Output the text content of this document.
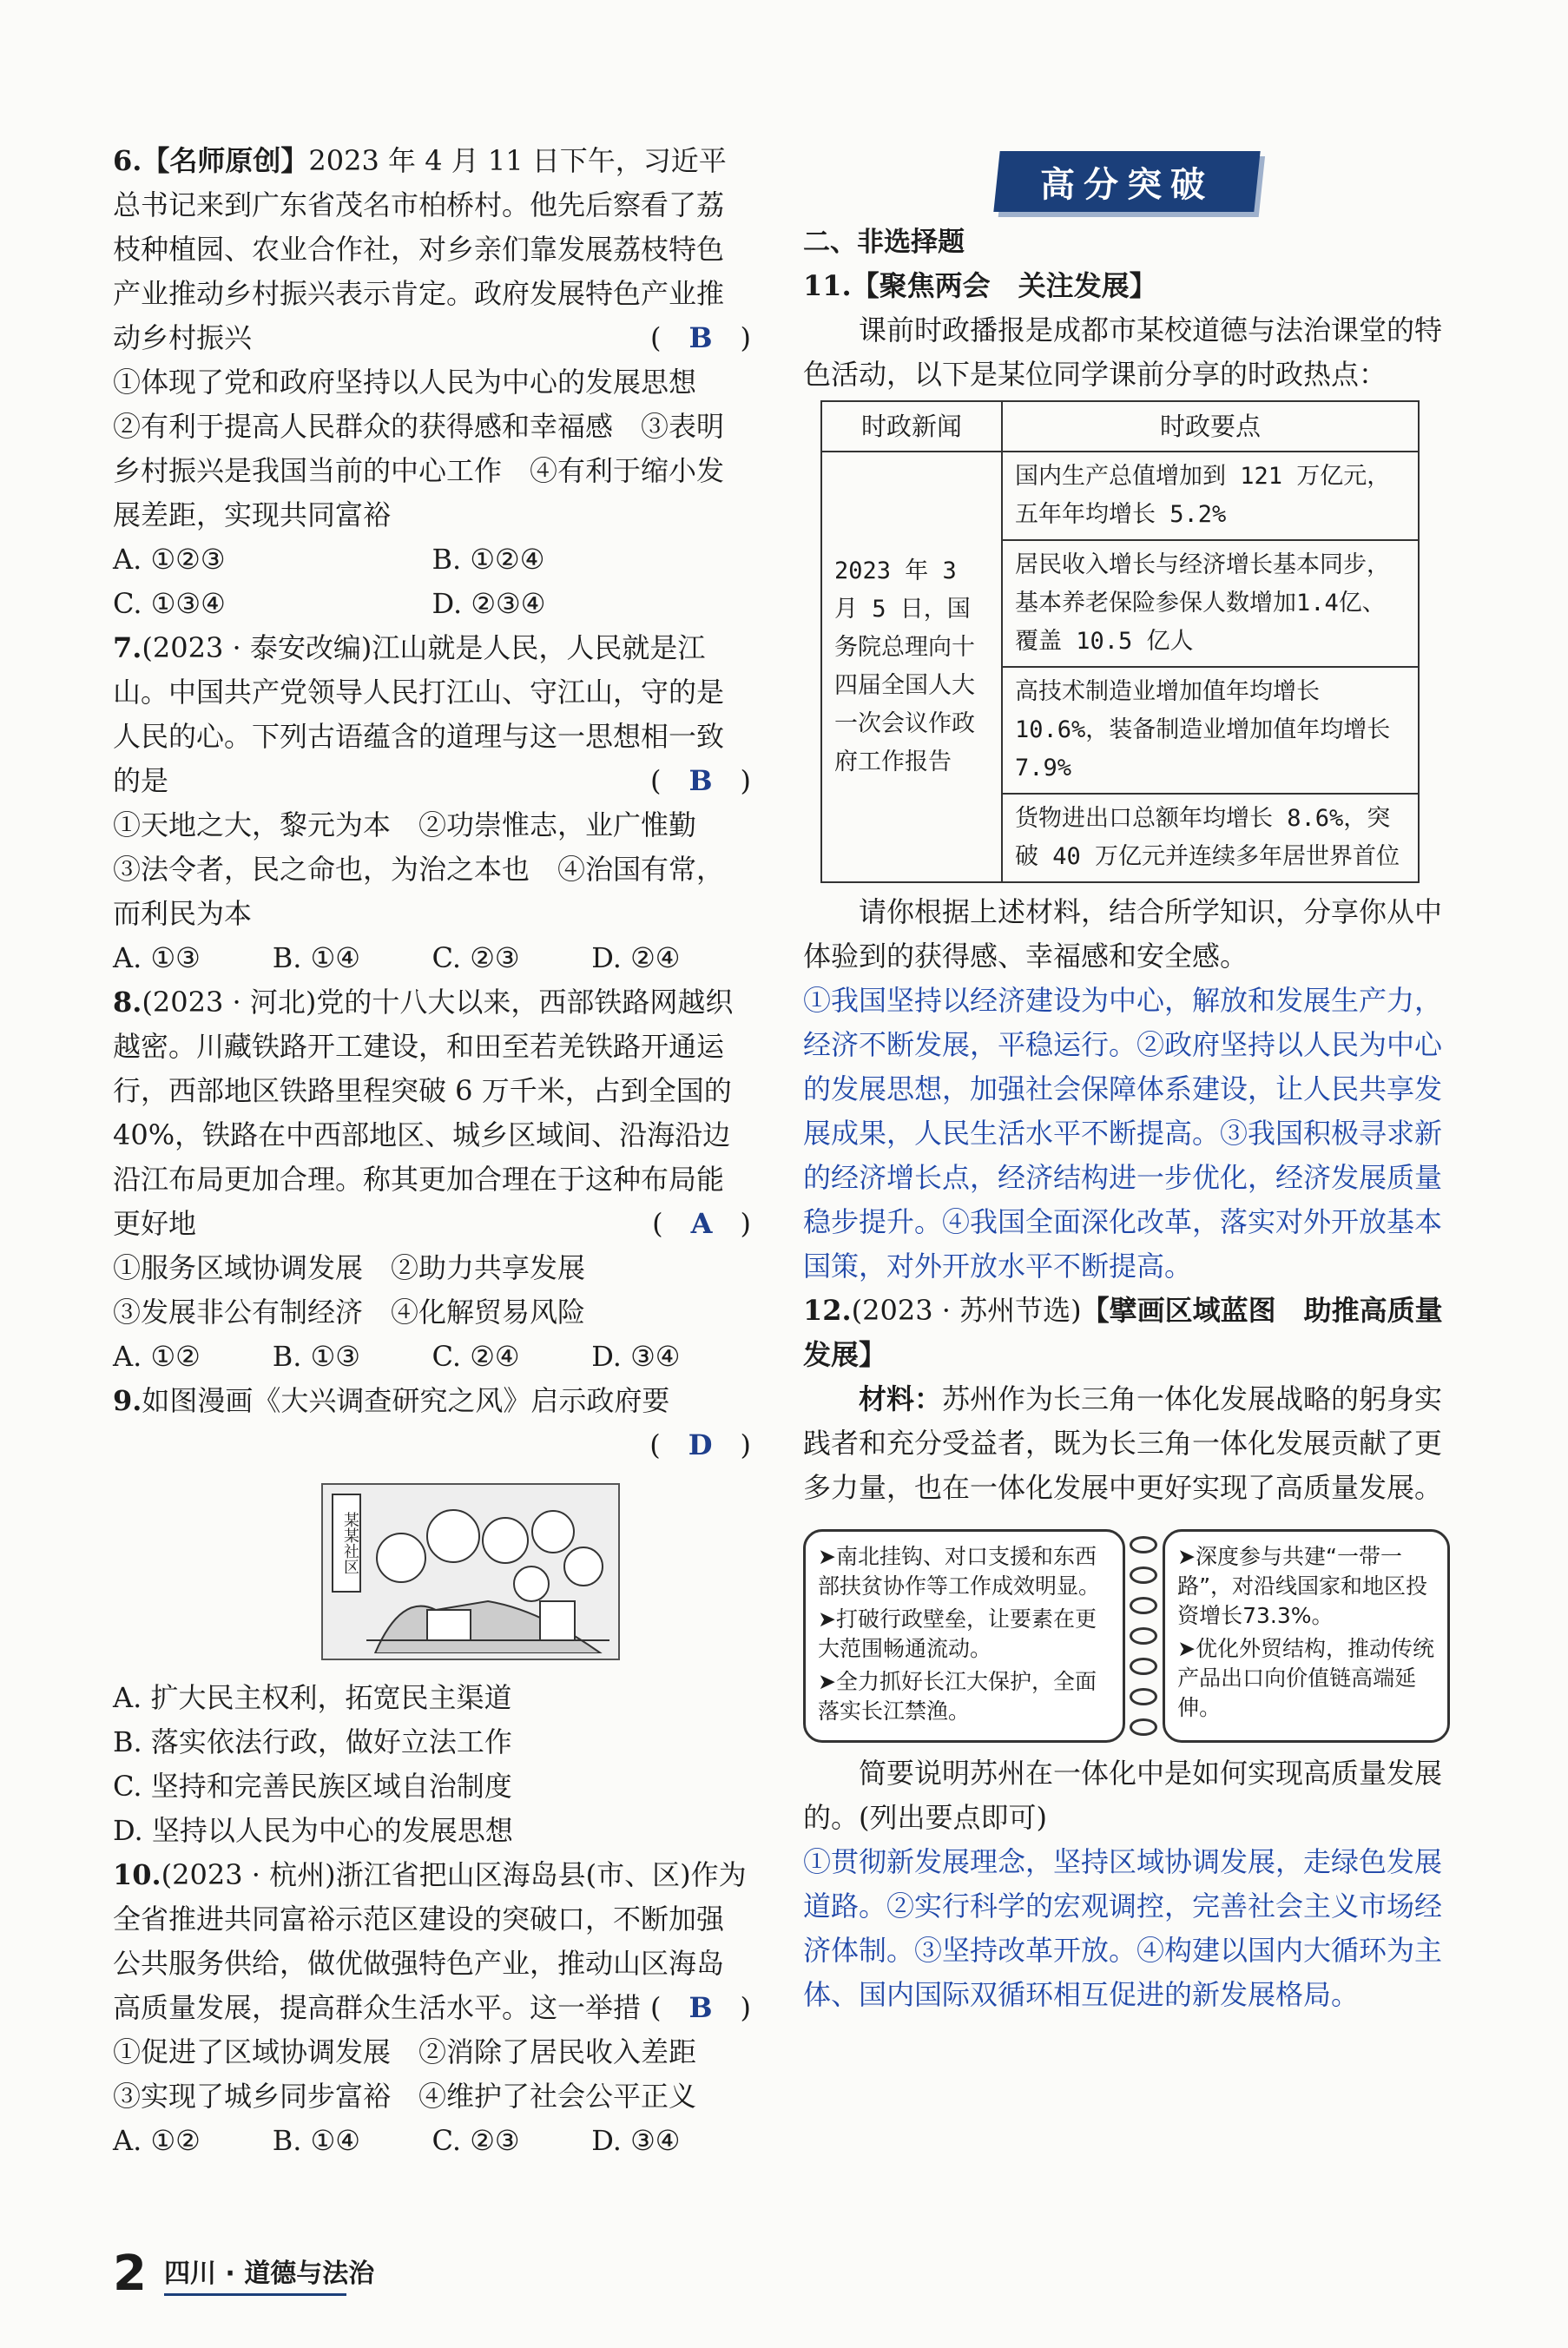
6.【名师原创】2023 年 4 月 11 日下午，习近平总书记来到广东省茂名市柏桥村。他先后察看了荔枝种植园、农业合作社，对乡亲们靠发展荔枝特色产业推动乡村振兴表示肯定。政府发展特色产业推动乡村振兴	(　B　)

①体现了党和政府坚持以人民为中心的发展思想　②有利于提高人民群众的获得感和幸福感　③表明乡村振兴是我国当前的中心工作　④有利于缩小发展差距，实现共同富裕

A. ①②③	B. ①②④
C. ①③④	D. ②③④

7.(2023 · 泰安改编)江山就是人民，人民就是江山。中国共产党领导人民打江山、守江山，守的是人民的心。下列古语蕴含的道理与这一思想相一致的是	(　B　)

①天地之大，黎元为本　②功崇惟志，业广惟勤　③法令者，民之命也，为治之本也　④治国有常，而利民为本

A. ①③	B. ①④	C. ②③	D. ②④

8.(2023 · 河北)党的十八大以来，西部铁路网越织越密。川藏铁路开工建设，和田至若羌铁路开通运行，西部地区铁路里程突破 6 万千米，占到全国的 40%，铁路在中西部地区、城乡区域间、沿海沿边沿江布局更加合理。称其更加合理在于这种布局能更好地	(　A　)

①服务区域协调发展　②助力共享发展

③发展非公有制经济　④化解贸易风险

A. ①②	B. ①③	C. ②④	D. ③④

9.如图漫画《大兴调查研究之风》启示政府要

(　D　)

某某社区

A. 扩大民主权利，拓宽民主渠道

B. 落实依法行政，做好立法工作

C. 坚持和完善民族区域自治制度

D. 坚持以人民为中心的发展思想

10.(2023 · 杭州)浙江省把山区海岛县(市、区)作为全省推进共同富裕示范区建设的突破口，不断加强公共服务供给，做优做强特色产业，推动山区海岛高质量发展，提高群众生活水平。这一举措 (　B　)

①促进了区域协调发展　②消除了居民收入差距　③实现了城乡同步富裕　④维护了社会公平正义

A. ①②	B. ①④	C. ②③	D. ③④
高分突破
二、非选择题

11.【聚焦两会　关注发展】

课前时政播报是成都市某校道德与法治课堂的特色活动，以下是某位同学课前分享的时政热点：

时政新闻	时政要点
2023 年 3 月 5 日，国务院总理向十四届全国人大一次会议作政府工作报告	国内生产总值增加到 121 万亿元，五年年均增长 5.2%
	居民收入增长与经济增长基本同步，基本养老保险参保人数增加1.4亿、覆盖 10.5 亿人
	高技术制造业增加值年均增长10.6%，装备制造业增加值年均增长 7.9%
	货物进出口总额年均增长 8.6%，突破 40 万亿元并连续多年居世界首位

请你根据上述材料，结合所学知识，分享你从中体验到的获得感、幸福感和安全感。

①我国坚持以经济建设为中心，解放和发展生产力，经济不断发展，平稳运行。②政府坚持以人民为中心的发展思想，加强社会保障体系建设，让人民共享发展成果，人民生活水平不断提高。③我国积极寻求新的经济增长点，经济结构进一步优化，经济发展质量稳步提升。④我国全面深化改革，落实对外开放基本国策，对外开放水平不断提高。

12.(2023 · 苏州节选)【擘画区域蓝图　助推高质量发展】

材料：苏州作为长三角一体化发展战略的躬身实践者和充分受益者，既为长三角一体化发展贡献了更多力量，也在一体化发展中更好实现了高质量发展。

➤南北挂钩、对口支援和东西部扶贫协作等工作成效明显。

➤打破行政壁垒，让要素在更大范围畅通流动。

➤全力抓好长江大保护，全面落实长江禁渔。

➤深度参与共建“一带一路”，对沿线国家和地区投资增长73.3%。

➤优化外贸结构，推动传统产品出口向价值链高端延伸。

简要说明苏州在一体化中是如何实现高质量发展的。(列出要点即可)

①贯彻新发展理念，坚持区域协调发展，走绿色发展道路。②实行科学的宏观调控，完善社会主义市场经济体制。③坚持改革开放。④构建以国内大循环为主体、国内国际双循环相互促进的新发展格局。

2 四川 · 道德与法治
